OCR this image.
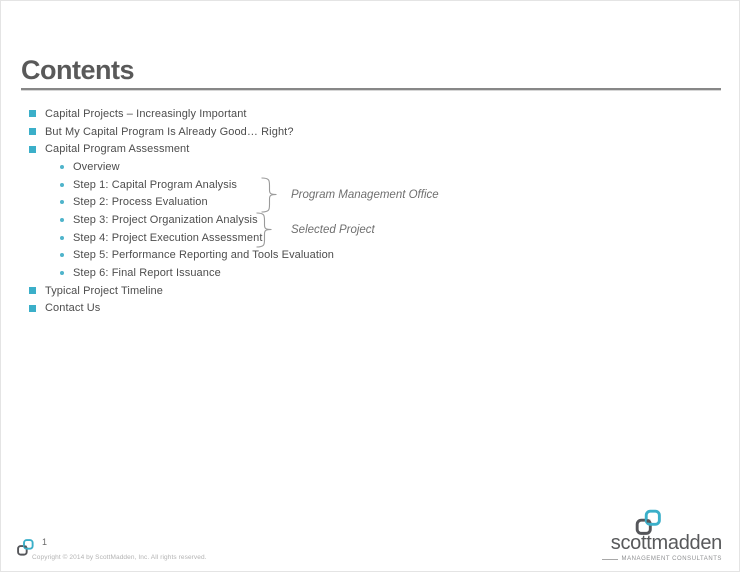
Contents
Capital Projects – Increasingly Important
But My Capital Program Is Already Good… Right?
Capital Program Assessment
Overview
Step 1: Capital Program Analysis
Step 2: Process Evaluation
Step 3: Project Organization Analysis
Step 4: Project Execution Assessment
Step 5: Performance Reporting and Tools Evaluation
Step 6: Final Report Issuance
Typical Project Timeline
Contact Us
Program Management Office
Selected Project
1
Copyright © 2014 by ScottMadden, Inc. All rights reserved.
scottmadden
MANAGEMENT CONSULTANTS
